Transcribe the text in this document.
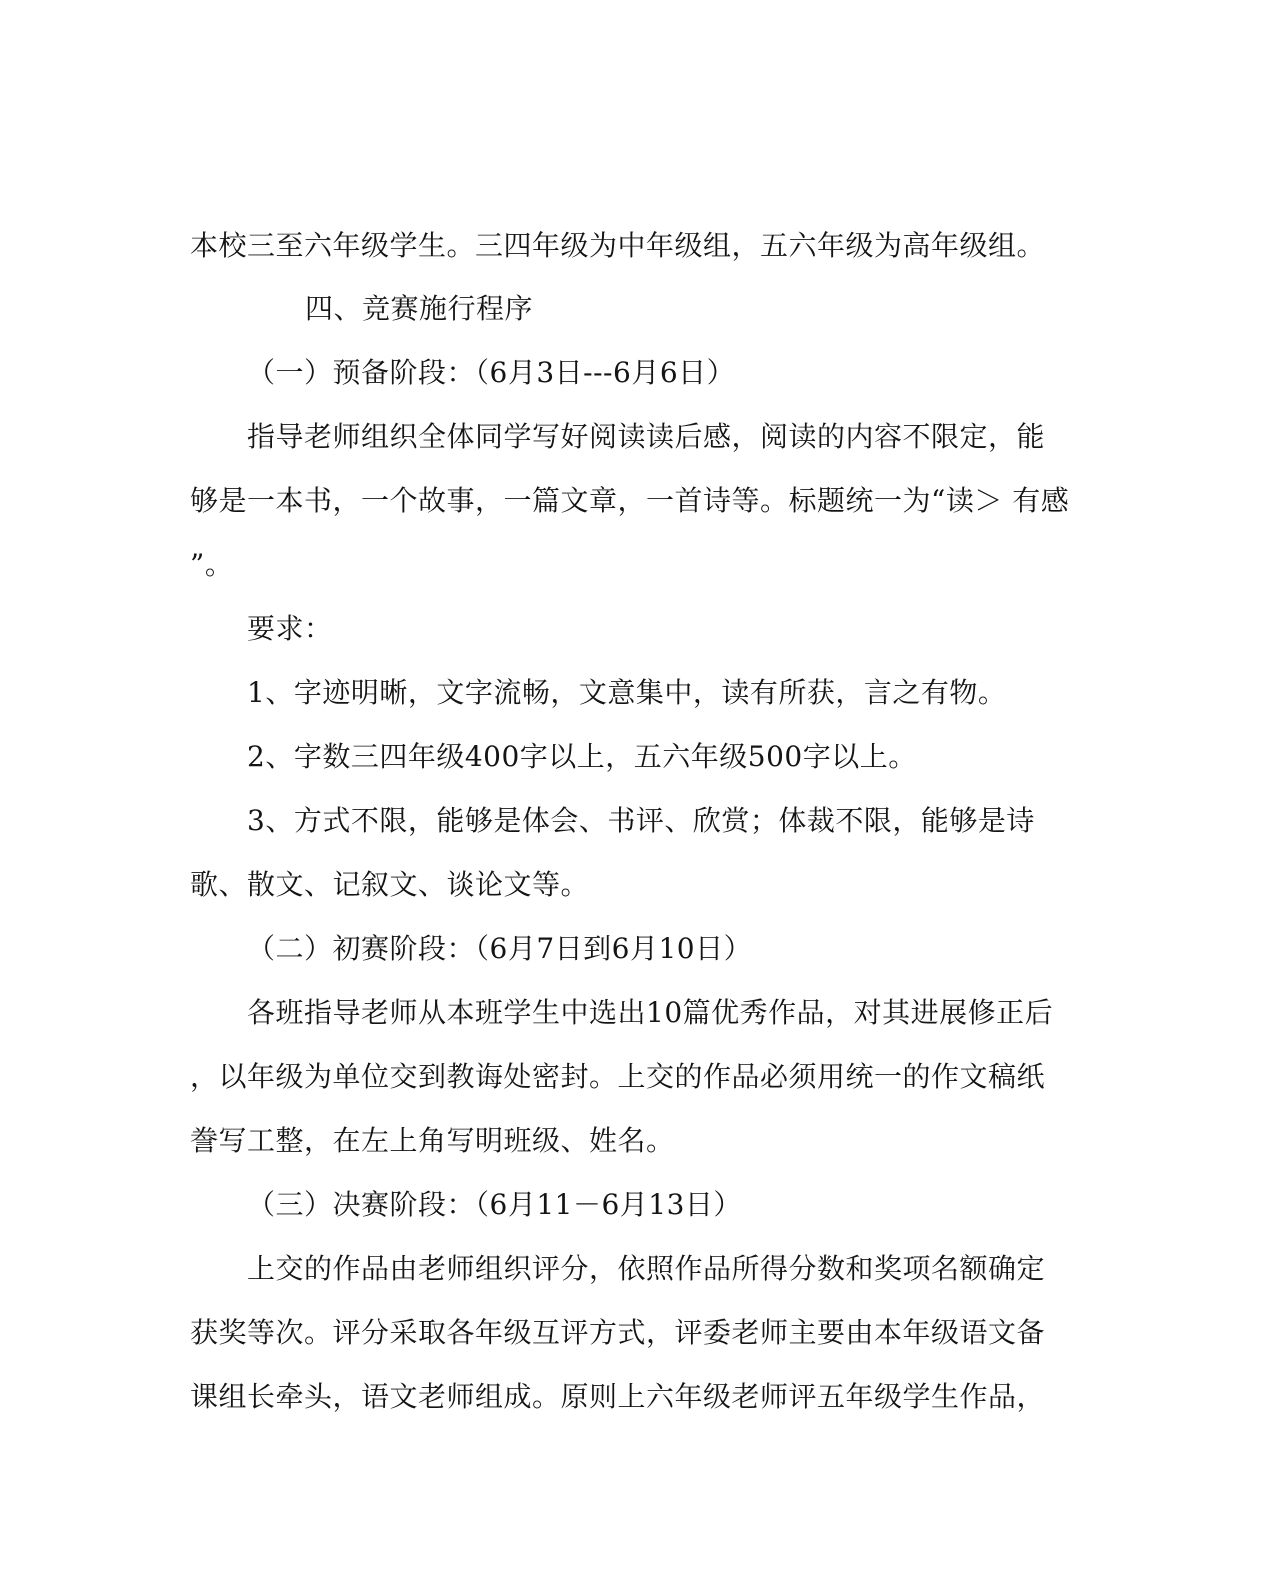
本校三至六年级学生。三四年级为中年级组，五六年级为高年级组。
四、竞赛施行程序
（一）预备阶段：（6月3日---6月6日）
指导老师组织全体同学写好阅读读后感，阅读的内容不限定，能
够是一本书，一个故事，一篇文章，一首诗等。标题统一为“读＞ 有感
”。
要求：
1、字迹明晰，文字流畅，文意集中，读有所获，言之有物。
2、字数三四年级400字以上，五六年级500字以上。
3、方式不限，能够是体会、书评、欣赏；体裁不限，能够是诗
歌、散文、记叙文、谈论文等。
（二）初赛阶段：（6月7日到6月10日）
各班指导老师从本班学生中选出10篇优秀作品，对其进展修正后
，以年级为单位交到教诲处密封。上交的作品必须用统一的作文稿纸
誊写工整，在左上角写明班级、姓名。
（三）决赛阶段：（6月11－6月13日）
上交的作品由老师组织评分，依照作品所得分数和奖项名额确定
获奖等次。评分采取各年级互评方式，评委老师主要由本年级语文备
课组长牵头，语文老师组成。原则上六年级老师评五年级学生作品，
